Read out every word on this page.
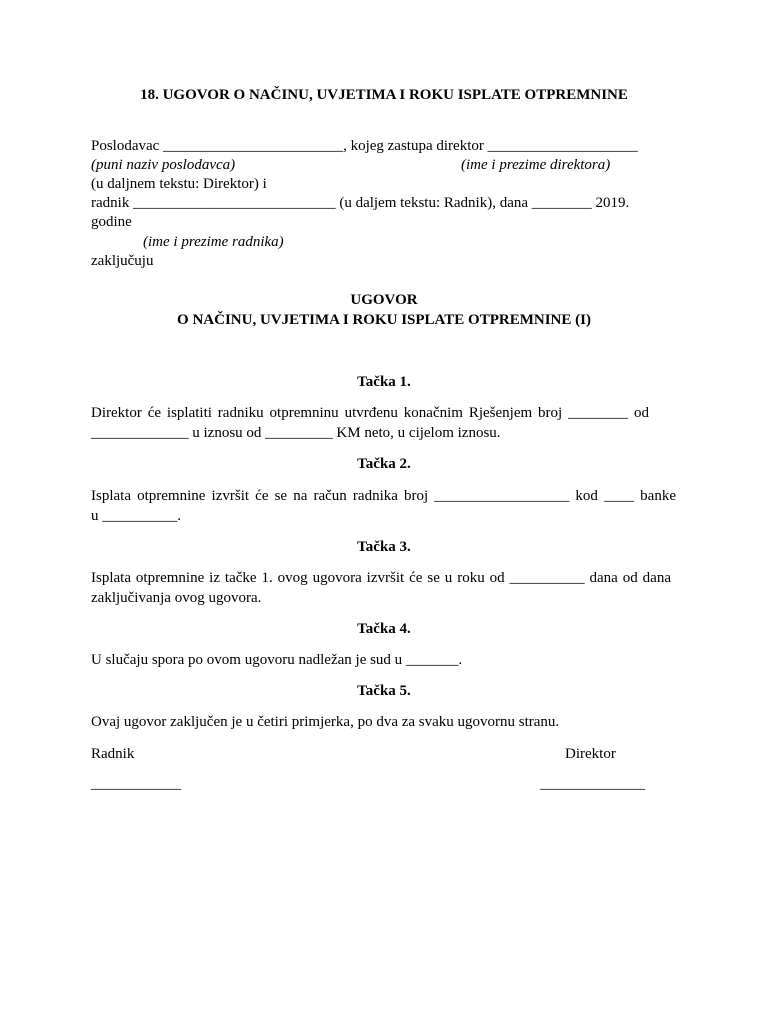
18. UGOVOR O NAČINU, UVJETIMA I ROKU ISPLATE OTPREMNINE
Poslodavac ________________________, kojeg zastupa direktor ____________________
(puni naziv poslodavca)	(ime i prezime direktora)
(u daljnem tekstu: Direktor) i
radnik ___________________________ (u daljem tekstu: Radnik), dana ________ 2019.
godine
(ime i prezime radnika)
zaključuju
UGOVOR
O NAČINU, UVJETIMA I ROKU ISPLATE OTPREMNINE (I)
Tačka 1.
Direktor će isplatiti radniku otpremninu utvrđenu konačnim Rješenjem broj ________ od
_____________ u iznosu od _________ KM neto, u cijelom iznosu.
Tačka 2.
Isplata otpremnine izvršit će se na račun radnika broj __________________ kod ____ banke
u __________.
Tačka 3.
Isplata otpremnine iz tačke 1. ovog ugovora izvršit će se u roku od __________ dana od dana
zaključivanja ovog ugovora.
Tačka 4.
U slučaju spora po ovom ugovoru nadležan je sud u _______.
Tačka 5.
Ovaj ugovor zaključen je u četiri primjerka, po dva za svaku ugovornu stranu.
Radnik	Direktor
____________	______________
